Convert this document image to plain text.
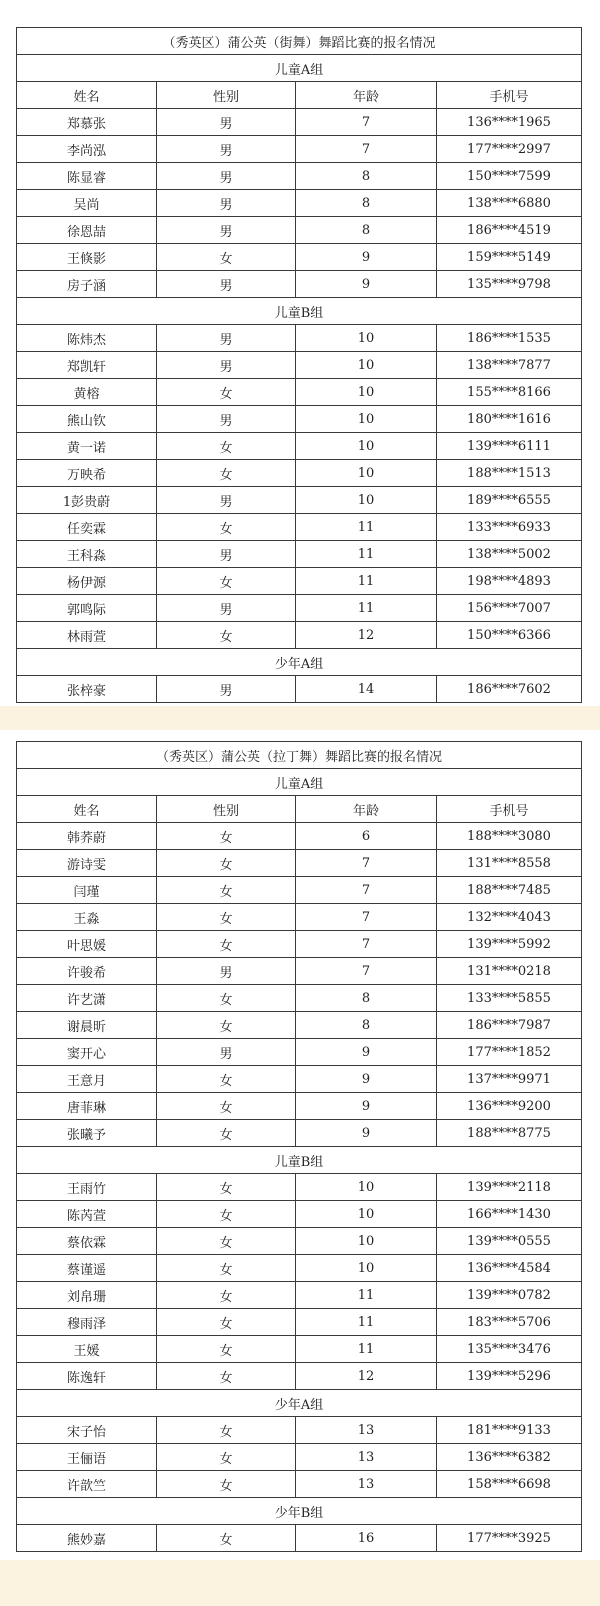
（秀英区）蒲公英（街舞）舞蹈比赛的报名情况			
儿童A组			
姓名	性别	年龄	手机号
郑慕张	男	7	136****1965
李尚泓	男	7	177****2997
陈显睿	男	8	150****7599
吴尚	男	8	138****6880
徐恩喆	男	8	186****4519
王倏影	女	9	159****5149
房子涵	男	9	135****9798
儿童B组			
陈炜杰	男	10	186****1535
郑凯轩	男	10	138****7877
黄榕	女	10	155****8166
熊山钦	男	10	180****1616
黄一诺	女	10	139****6111
万映希	女	10	188****1513
1彭贵蔚	男	10	189****6555
任奕霖	女	11	133****6933
王科淼	男	11	138****5002
杨伊源	女	11	198****4893
郭鸣际	男	11	156****7007
林雨萱	女	12	150****6366
少年A组			
张梓豪	男	14	186****7602
（秀英区）蒲公英（拉丁舞）舞蹈比赛的报名情况			
儿童A组			
姓名	性别	年龄	手机号
韩荞蔚	女	6	188****3080
游诗雯	女	7	131****8558
闫瑾	女	7	188****7485
王淼	女	7	132****4043
叶思媛	女	7	139****5992
许骏希	男	7	131****0218
许艺潇	女	8	133****5855
谢晨昕	女	8	186****7987
窦开心	男	9	177****1852
王意月	女	9	137****9971
唐菲琳	女	9	136****9200
张曦予	女	9	188****8775
儿童B组			
王雨竹	女	10	139****2118
陈芮萱	女	10	166****1430
蔡依霖	女	10	139****0555
蔡谨遥	女	10	136****4584
刘帛珊	女	11	139****0782
穆雨泽	女	11	183****5706
王媛	女	11	135****3476
陈逸轩	女	12	139****5296
少年A组			
宋子怡	女	13	181****9133
王俪语	女	13	136****6382
许歆竺	女	13	158****6698
少年B组			
熊妙嘉	女	16	177****3925
